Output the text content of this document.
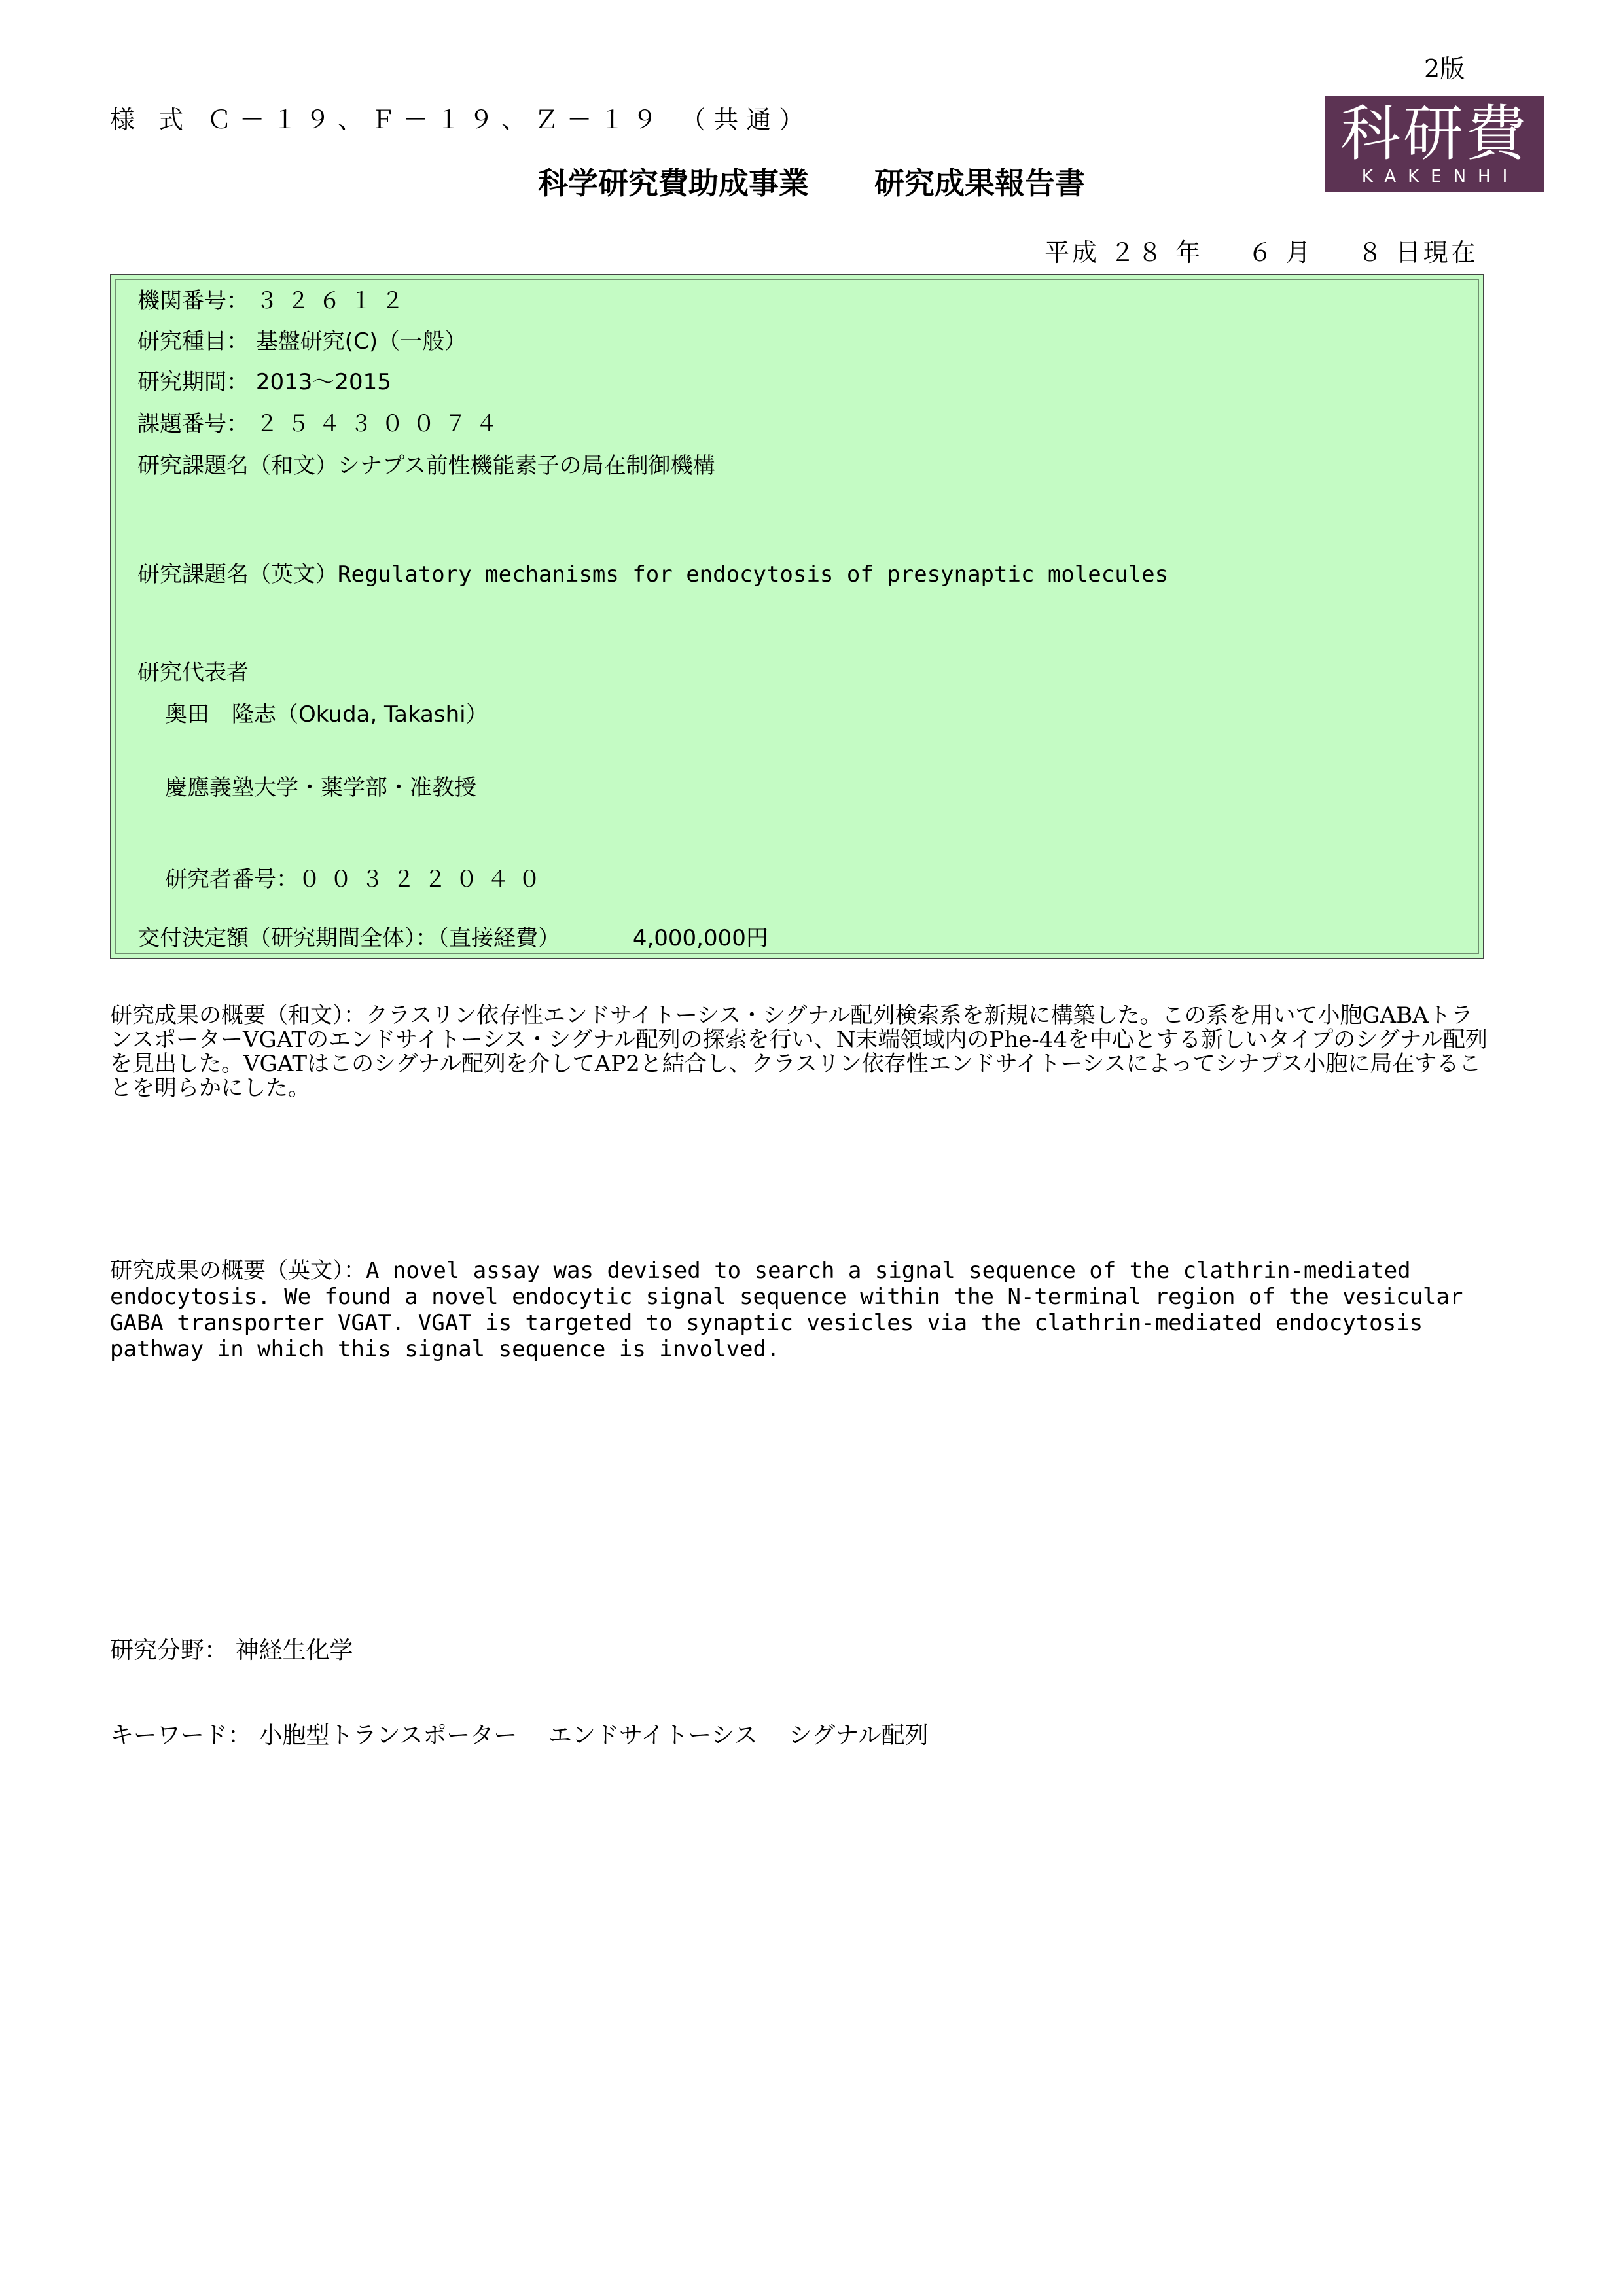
2版
様 式 Ｃ－１９、Ｆ－１９、Ｚ－１９ （共通）	科研費
KAKENHI
科学研究費助成事業 研究成果報告書
平成 ２８ 年 ６ 月 ８ 日現在
機関番号： ３２６１２
研究種目： 基盤研究(C)（一般）
研究期間： 2013～2015
課題番号： ２５４３００７４
研究課題名（和文）シナプス前性機能素子の局在制御機構
研究課題名（英文）Regulatory mechanisms for endocytosis of presynaptic molecules
研究代表者
奥田　隆志（Okuda, Takashi）
慶應義塾大学・薬学部・准教授
研究者番号：００３２２０４０
交付決定額（研究期間全体）：（直接経費）	4,000,000円
研究成果の概要（和文）：クラスリン依存性エンドサイトーシス・シグナル配列検索系を新規に構築した。この系を用いて小胞GABAトランスポーターVGATのエンドサイトーシス・シグナル配列の探索を行い、N末端領域内のPhe-44を中心とする新しいタイプのシグナル配列を見出した。VGATはこのシグナル配列を介してAP2と結合し、クラスリン依存性エンドサイトーシスによってシナプス小胞に局在することを明らかにした。
研究成果の概要（英文）：A novel assay was devised to search a signal sequence of the clathrin-mediated endocytosis. We found a novel endocytic signal sequence within the N-terminal region of the vesicular GABA transporter VGAT. VGAT is targeted to synaptic vesicles via the clathrin-mediated endocytosis pathway in which this signal sequence is involved.
研究分野： 神経生化学
キーワード： 小胞型トランスポーター エンドサイトーシス シグナル配列
